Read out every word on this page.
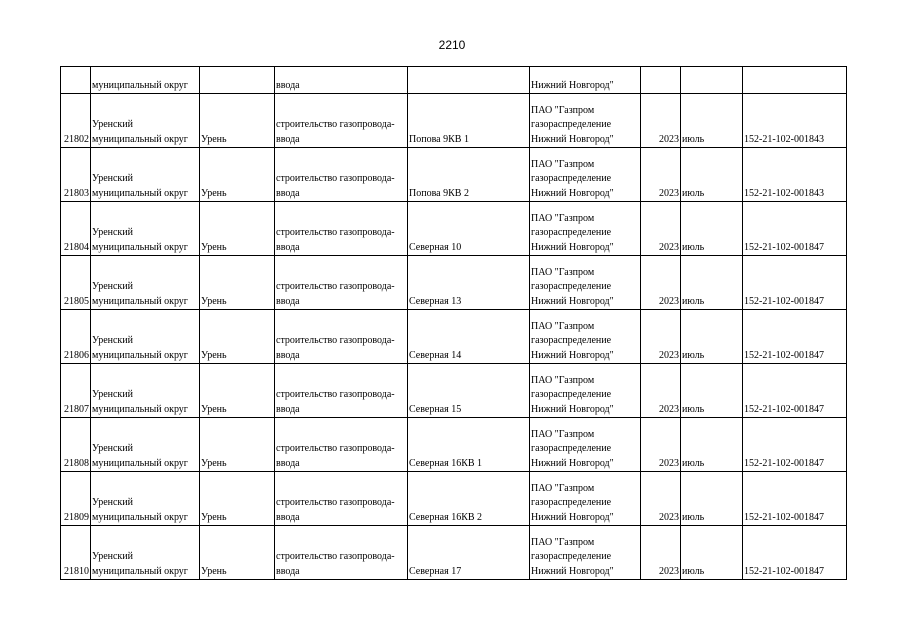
2210
	муниципальный округ		ввода		Нижний Новгород"			
21802	Уренский
муниципальный округ	Урень	строительство газопровода-
ввода	Попова 9КВ 1	ПАО "Газпром
газораспределение
Нижний Новгород"	2023	июль	152-21-102-001843
21803	Уренский
муниципальный округ	Урень	строительство газопровода-
ввода	Попова 9КВ 2	ПАО "Газпром
газораспределение
Нижний Новгород"	2023	июль	152-21-102-001843
21804	Уренский
муниципальный округ	Урень	строительство газопровода-
ввода	Северная 10	ПАО "Газпром
газораспределение
Нижний Новгород"	2023	июль	152-21-102-001847
21805	Уренский
муниципальный округ	Урень	строительство газопровода-
ввода	Северная 13	ПАО "Газпром
газораспределение
Нижний Новгород"	2023	июль	152-21-102-001847
21806	Уренский
муниципальный округ	Урень	строительство газопровода-
ввода	Северная 14	ПАО "Газпром
газораспределение
Нижний Новгород"	2023	июль	152-21-102-001847
21807	Уренский
муниципальный округ	Урень	строительство газопровода-
ввода	Северная 15	ПАО "Газпром
газораспределение
Нижний Новгород"	2023	июль	152-21-102-001847
21808	Уренский
муниципальный округ	Урень	строительство газопровода-
ввода	Северная 16КВ 1	ПАО "Газпром
газораспределение
Нижний Новгород"	2023	июль	152-21-102-001847
21809	Уренский
муниципальный округ	Урень	строительство газопровода-
ввода	Северная 16КВ 2	ПАО "Газпром
газораспределение
Нижний Новгород"	2023	июль	152-21-102-001847
21810	Уренский
муниципальный округ	Урень	строительство газопровода-
ввода	Северная 17	ПАО "Газпром
газораспределение
Нижний Новгород"	2023	июль	152-21-102-001847
